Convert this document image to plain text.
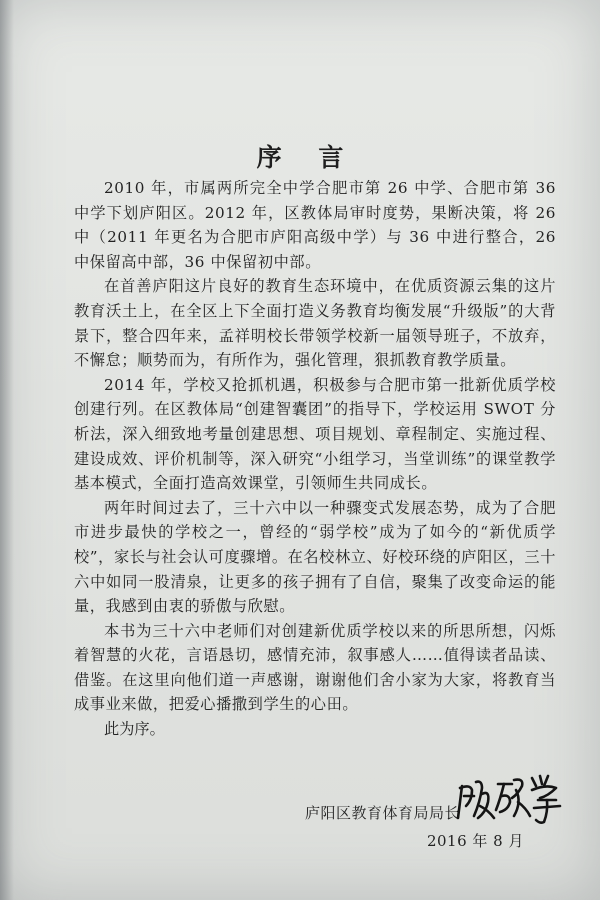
序 言

2010 年，市属两所完全中学合肥市第 26 中学、合肥市第 36 中学下划庐阳区。2012 年，区教体局审时度势，果断决策，将 26 中（2011 年更名为合肥市庐阳高级中学）与 36 中进行整合，26 中保留高中部，36 中保留初中部。

在首善庐阳这片良好的教育生态环境中，在优质资源云集的这片教育沃土上，在全区上下全面打造义务教育均衡发展“升级版”的大背景下，整合四年来，孟祥明校长带领学校新一届领导班子，不放弃，不懈怠；顺势而为，有所作为，强化管理，狠抓教育教学质量。

2014 年，学校又抢抓机遇，积极参与合肥市第一批新优质学校创建行列。在区教体局“创建智囊团”的指导下，学校运用 SWOT 分析法，深入细致地考量创建思想、项目规划、章程制定、实施过程、建设成效、评价机制等，深入研究“小组学习，当堂训练”的课堂教学基本模式，全面打造高效课堂，引领师生共同成长。

两年时间过去了，三十六中以一种骤变式发展态势，成为了合肥市进步最快的学校之一，曾经的“弱学校”成为了如今的“新优质学校”，家长与社会认可度骤增。在名校林立、好校环绕的庐阳区，三十六中如同一股清泉，让更多的孩子拥有了自信，聚集了改变命运的能量，我感到由衷的骄傲与欣慰。

本书为三十六中老师们对创建新优质学校以来的所思所想，闪烁着智慧的火花，言语恳切，感情充沛，叙事感人……值得读者品读、借鉴。在这里向他们道一声感谢，谢谢他们舍小家为大家，将教育当成事业来做，把爱心播撒到学生的心田。

此为序。

庐阳区教育体育局局长
2016 年 8 月
